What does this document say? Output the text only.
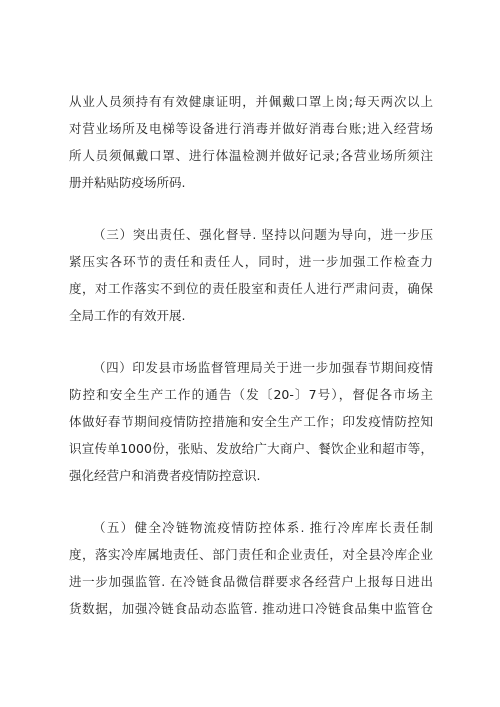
从业人员须持有有效健康证明，并佩戴口罩上岗;每天两次以上
对营业场所及电梯等设备进行消毒并做好消毒台账;进入经营场
所人员须佩戴口罩、进行体温检测并做好记录;各营业场所须注
册并粘贴防疫场所码.
（三）突出责任、强化督导. 坚持以问题为导向，进一步压
紧压实各环节的责任和责任人，同时，进一步加强工作检查力
度，对工作落实不到位的责任股室和责任人进行严肃问责，确保
全局工作的有效开展.
（四）印发县市场监督管理局关于进一步加强春节期间疫情
防控和安全生产工作的通告（发〔20-〕7号），督促各市场主
体做好春节期间疫情防控措施和安全生产工作；印发疫情防控知
识宣传单1000份，张贴、发放给广大商户、餐饮企业和超市等，
强化经营户和消费者疫情防控意识.
（五）健全冷链物流疫情防控体系. 推行冷库库长责任制
度，落实冷库属地责任、部门责任和企业责任，对全县冷库企业
进一步加强监管. 在冷链食品微信群要求各经营户上报每日进出
货数据，加强冷链食品动态监管. 推动进口冷链食品集中监管仓
